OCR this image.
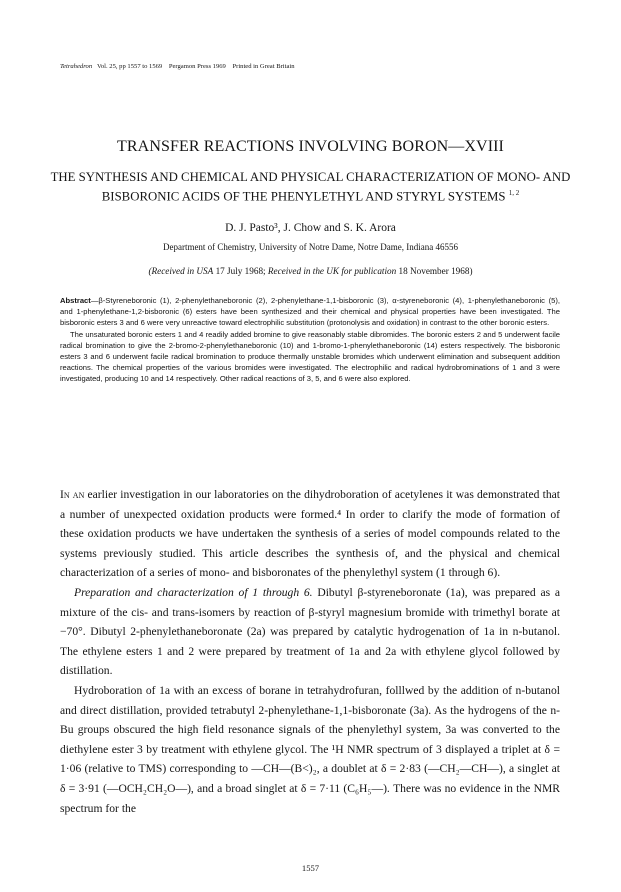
Tetrahedron Vol. 25, pp 1557 to 1569 Pergamon Press 1969 Printed in Great Britain
TRANSFER REACTIONS INVOLVING BORON—XVIII
THE SYNTHESIS AND CHEMICAL AND PHYSICAL CHARACTERIZATION OF MONO- AND BISBORONIC ACIDS OF THE PHENYLETHYL AND STYRYL SYSTEMS $^{1, 2}$
D. J. Pasto³, J. Chow and S. K. Arora
Department of Chemistry, University of Notre Dame, Notre Dame, Indiana 46556
(Received in USA 17 July 1968; Received in the UK for publication 18 November 1968)

Abstract—β-Styreneboronic (1), 2-phenylethaneboronic (2), 2-phenylethane-1,1-bisboronic (3), α-styreneboronic (4), 1-phenylethaneboronic (5), and 1-phenylethane-1,2-bisboronic (6) esters have been synthesized and their chemical and physical properties have been investigated. The bisboronic esters 3 and 6 were very unreactive toward electrophilic substitution (protonolysis and oxidation) in contrast to the other boronic esters.

The unsaturated boronic esters 1 and 4 readily added bromine to give reasonably stable dibromides. The boronic esters 2 and 5 underwent facile radical bromination to give the 2-bromo-2-phenylethaneboronic (10) and 1-bromo-1-phenylethaneboronic (14) esters respectively. The bisboronic esters 3 and 6 underwent facile radical bromination to produce thermally unstable bromides which underwent elimination and subsequent addition reactions. The chemical properties of the various bromides were investigated. The electrophilic and radical hydrobrominations of 1 and 3 were investigated, producing 10 and 14 respectively. Other radical reactions of 3, 5, and 6 were also explored.

In an earlier investigation in our laboratories on the dihydroboration of acetylenes it was demonstrated that a number of unexpected oxidation products were formed.⁴ In order to clarify the mode of formation of these oxidation products we have undertaken the synthesis of a series of model compounds related to the systems previously studied. This article describes the synthesis of, and the physical and chemical characterization of a series of mono- and bisboronates of the phenylethyl system (1 through 6).

Preparation and characterization of 1 through 6. Dibutyl β-styreneboronate (1a), was prepared as a mixture of the cis- and trans-isomers by reaction of β-styryl magnesium bromide with trimethyl borate at −70°. Dibutyl 2-phenylethaneboronate (2a) was prepared by catalytic hydrogenation of 1a in n-butanol. The ethylene esters 1 and 2 were prepared by treatment of 1a and 2a with ethylene glycol followed by distillation.

Hydroboration of 1a with an excess of borane in tetrahydrofuran, folllwed by the addition of n-butanol and direct distillation, provided tetrabutyl 2-phenylethane-1,1-bisboronate (3a). As the hydrogens of the n-Bu groups obscured the high field resonance signals of the phenylethyl system, 3a was converted to the diethylene ester 3 by treatment with ethylene glycol. The ¹H NMR spectrum of 3 displayed a triplet at δ = 1·06 (relative to TMS) corresponding to —CH—(B<)₂, a doublet at δ = 2·83 (—CH₂—CH—), a singlet at δ = 3·91 (—OCH₂CH₂O—), and a broad singlet at δ = 7·11 (C₆H₅—). There was no evidence in the NMR spectrum for the

1557
